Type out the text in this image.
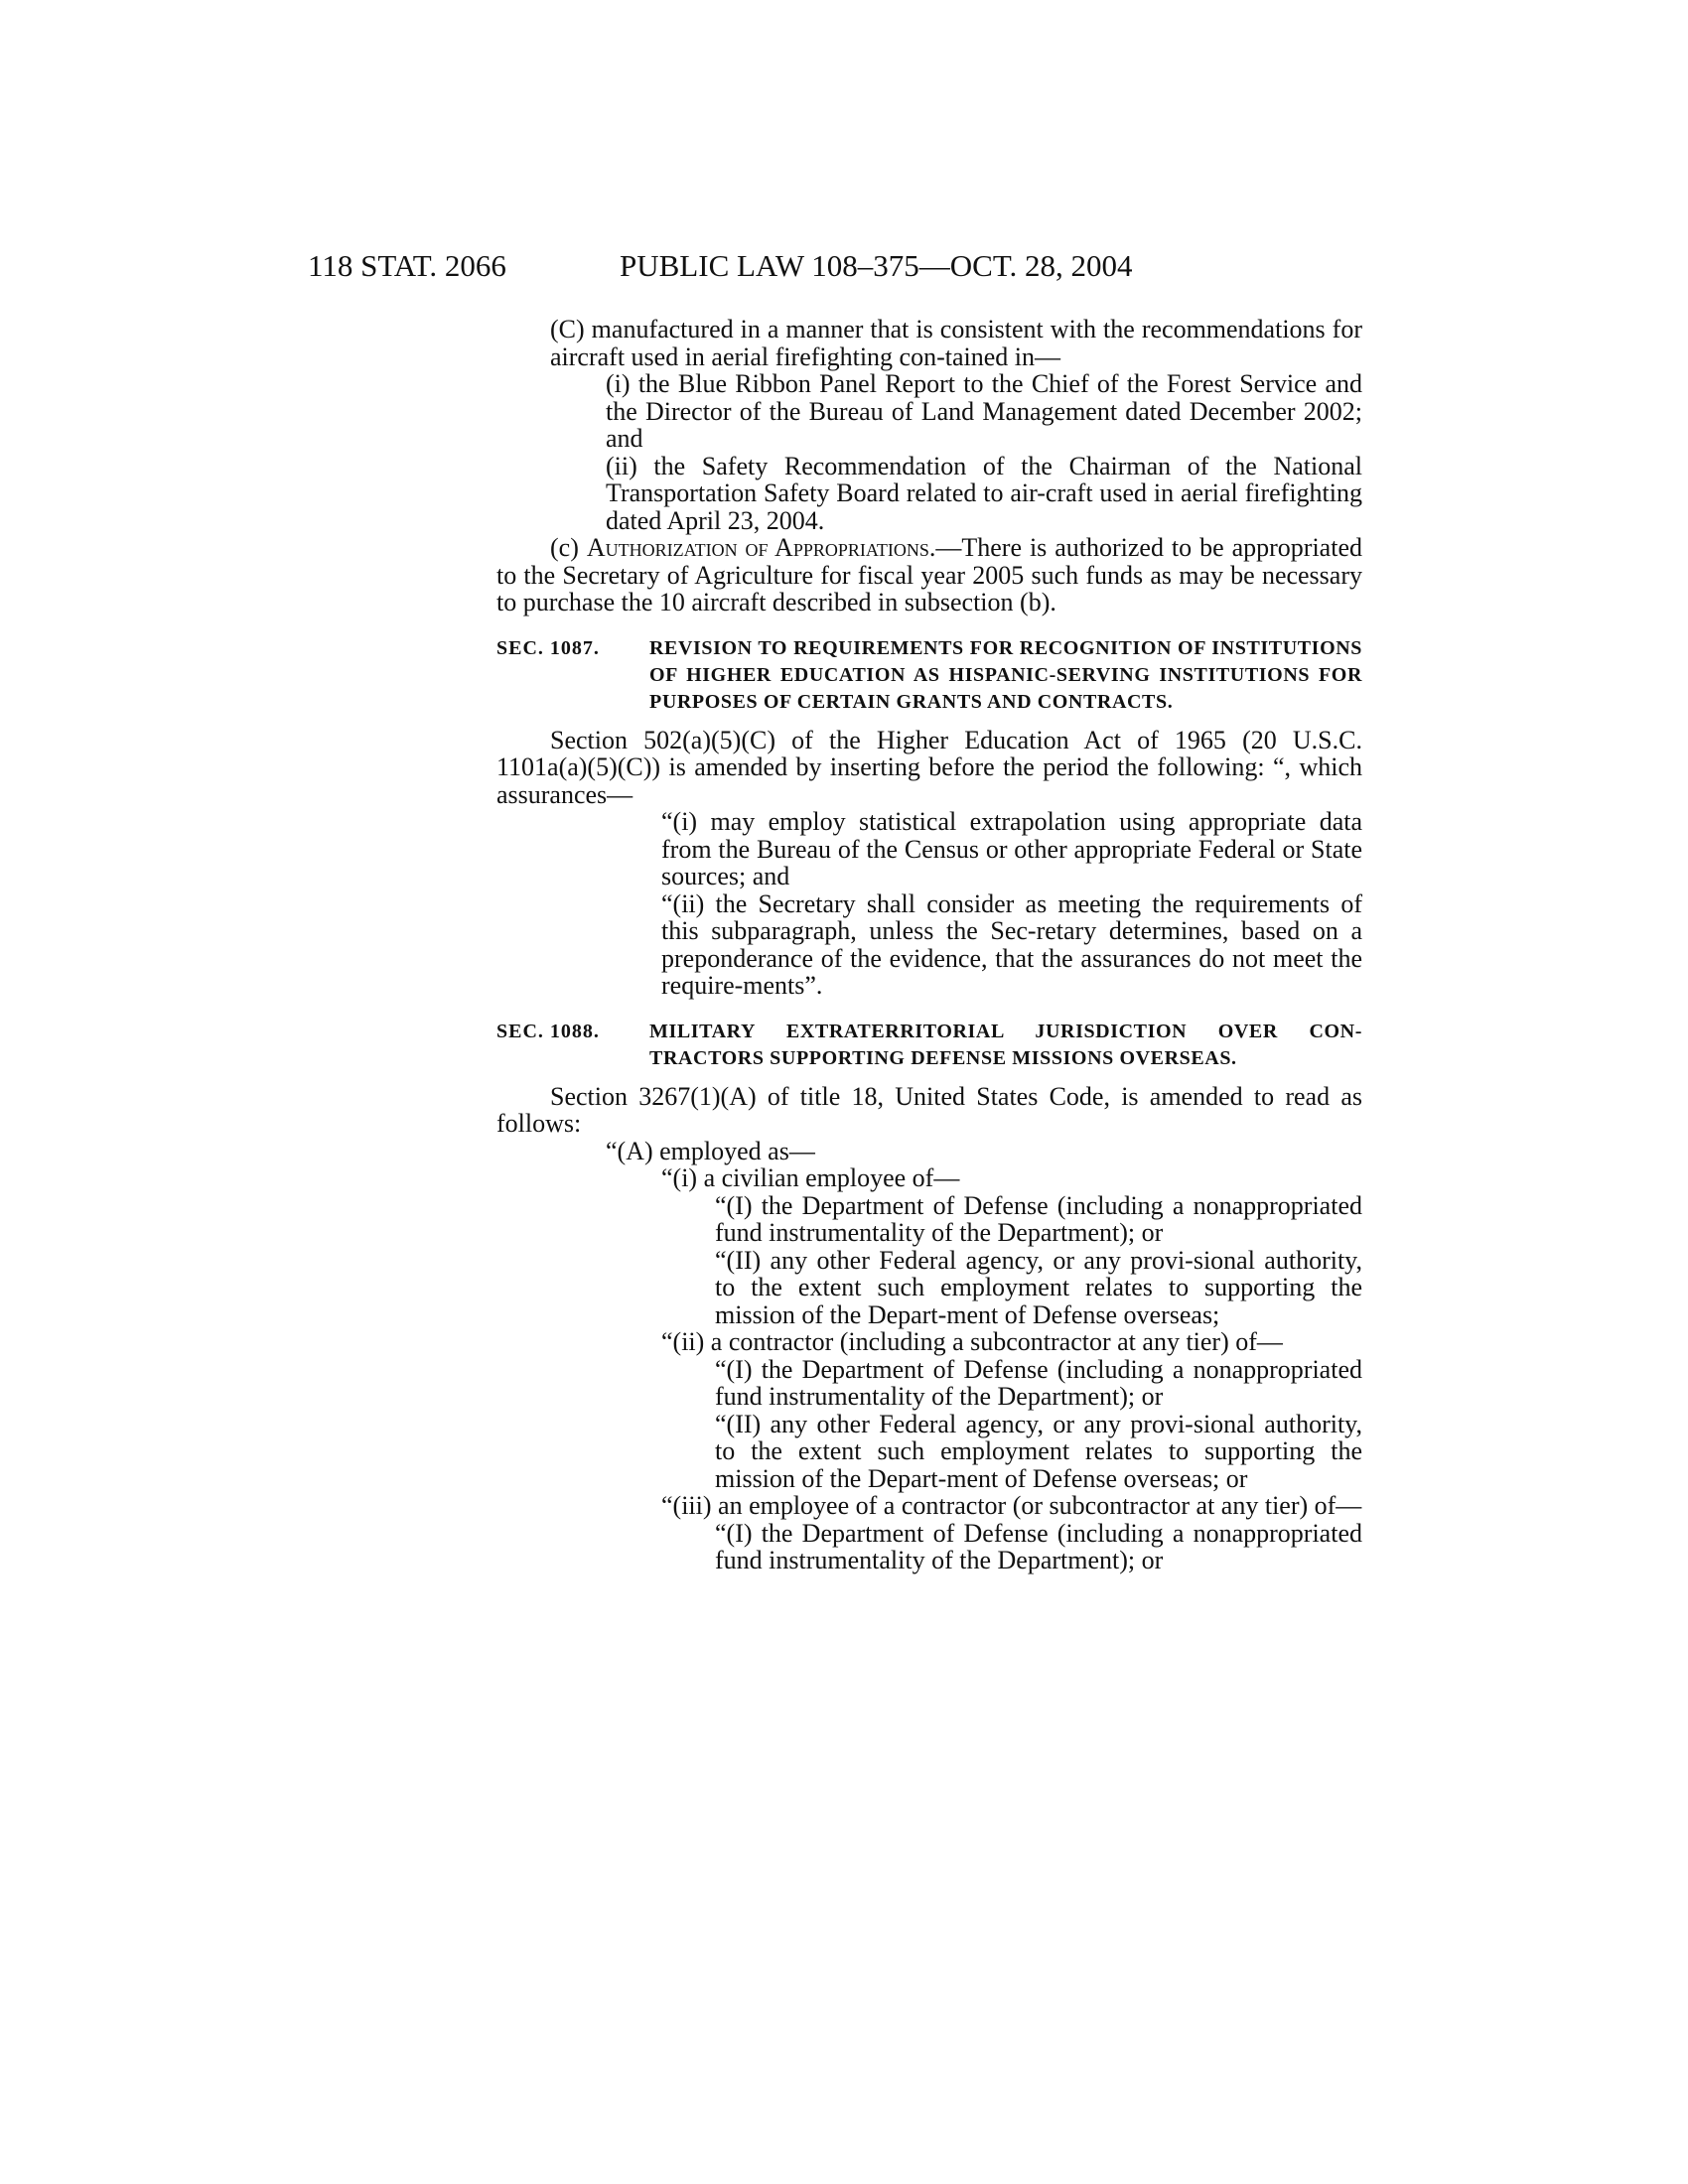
118 STAT. 2066	PUBLIC LAW 108–375—OCT. 28, 2004

(C) manufactured in a manner that is consistent with the recommendations for aircraft used in aerial firefighting con-tained in—

(i) the Blue Ribbon Panel Report to the Chief of the Forest Service and the Director of the Bureau of Land Management dated December 2002; and

(ii) the Safety Recommendation of the Chairman of the National Transportation Safety Board related to air-craft used in aerial firefighting dated April 23, 2004.

(c) Authorization of Appropriations.—There is authorized to be appropriated to the Secretary of Agriculture for fiscal year 2005 such funds as may be necessary to purchase the 10 aircraft described in subsection (b).

SEC. 1087.	REVISION TO REQUIREMENTS FOR RECOGNITION OF INSTITUTIONS OF HIGHER EDUCATION AS HISPANIC-SERVING INSTITUTIONS FOR PURPOSES OF CERTAIN GRANTS AND CONTRACTS.

Section 502(a)(5)(C) of the Higher Education Act of 1965 (20 U.S.C. 1101a(a)(5)(C)) is amended by inserting before the period the following: “, which assurances—

“(i) may employ statistical extrapolation using appropriate data from the Bureau of the Census or other appropriate Federal or State sources; and

“(ii) the Secretary shall consider as meeting the requirements of this subparagraph, unless the Sec-retary determines, based on a preponderance of the evidence, that the assurances do not meet the require-ments”.

SEC. 1088.	MILITARY EXTRATERRITORIAL JURISDICTION OVER CON-TRACTORS SUPPORTING DEFENSE MISSIONS OVERSEAS.

Section 3267(1)(A) of title 18, United States Code, is amended to read as follows:

“(A) employed as—

“(i) a civilian employee of—

“(I) the Department of Defense (including a nonappropriated fund instrumentality of the Department); or

“(II) any other Federal agency, or any provi-sional authority, to the extent such employment relates to supporting the mission of the Depart-ment of Defense overseas;

“(ii) a contractor (including a subcontractor at any tier) of—

“(I) the Department of Defense (including a nonappropriated fund instrumentality of the Department); or

“(II) any other Federal agency, or any provi-sional authority, to the extent such employment relates to supporting the mission of the Depart-ment of Defense overseas; or

“(iii) an employee of a contractor (or subcontractor at any tier) of—

“(I) the Department of Defense (including a nonappropriated fund instrumentality of the Department); or
